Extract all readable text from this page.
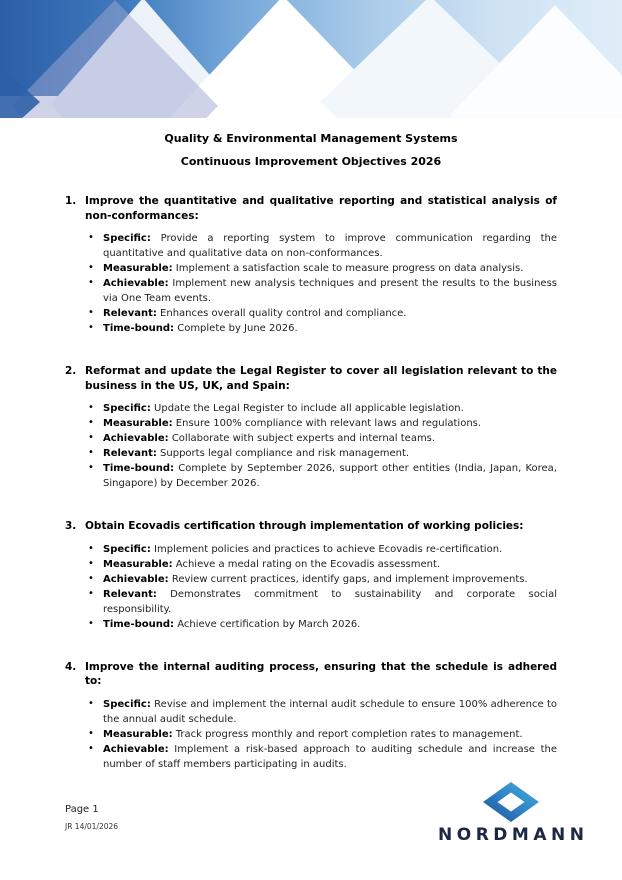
Quality & Environmental Management Systems
Continuous Improvement Objectives 2026
1. Improve the quantitative and qualitative reporting and statistical analysis of non-conformances:
• Specific: Provide a reporting system to improve communication regarding the quantitative and qualitative data on non-conformances.
• Measurable: Implement a satisfaction scale to measure progress on data analysis.
• Achievable: Implement new analysis techniques and present the results to the business via One Team events.
• Relevant: Enhances overall quality control and compliance.
• Time-bound: Complete by June 2026.
2. Reformat and update the Legal Register to cover all legislation relevant to the business in the US, UK, and Spain:
• Specific: Update the Legal Register to include all applicable legislation.
• Measurable: Ensure 100% compliance with relevant laws and regulations.
• Achievable: Collaborate with subject experts and internal teams.
• Relevant: Supports legal compliance and risk management.
• Time-bound: Complete by September 2026, support other entities (India, Japan, Korea, Singapore) by December 2026.
3. Obtain Ecovadis certification through implementation of working policies:
• Specific: Implement policies and practices to achieve Ecovadis re-certification.
• Measurable: Achieve a medal rating on the Ecovadis assessment.
• Achievable: Review current practices, identify gaps, and implement improvements.
• Relevant: Demonstrates commitment to sustainability and corporate social responsibility.
• Time-bound: Achieve certification by March 2026.
4. Improve the internal auditing process, ensuring that the schedule is adhered to:
• Specific: Revise and implement the internal audit schedule to ensure 100% adherence to the annual audit schedule.
• Measurable: Track progress monthly and report completion rates to management.
• Achievable: Implement a risk-based approach to auditing schedule and increase the number of staff members participating in audits.
Page 1
JR 14/01/2026	NORDMANN
